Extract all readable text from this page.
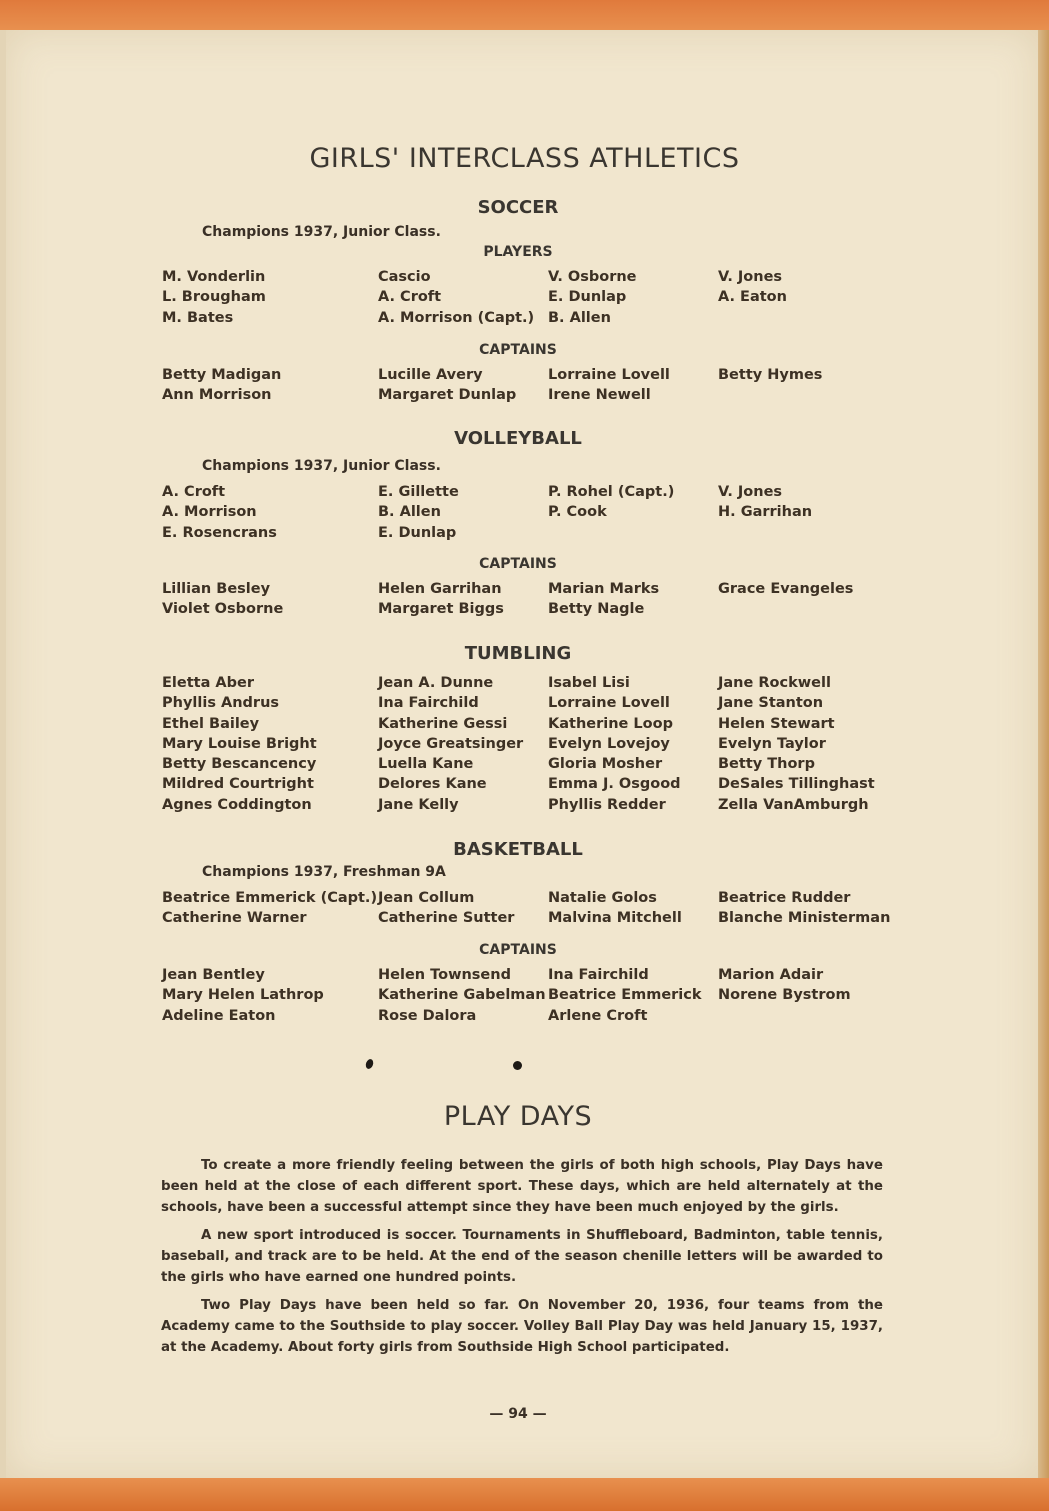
GIRLS' INTERCLASS ATHLETICS
SOCCER
Champions 1937, Junior Class.
PLAYERS
M. Vonderlin
L. Brougham
M. Bates
Cascio
A. Croft
A. Morrison (Capt.)
V. Osborne
E. Dunlap
B. Allen
V. Jones
A. Eaton
CAPTAINS
Betty Madigan
Ann Morrison
Lucille Avery
Margaret Dunlap
Lorraine Lovell
Irene Newell
Betty Hymes
VOLLEYBALL
Champions 1937, Junior Class.
A. Croft
A. Morrison
E. Rosencrans
E. Gillette
B. Allen
E. Dunlap
P. Rohel (Capt.)
P. Cook
V. Jones
H. Garrihan
CAPTAINS
Lillian Besley
Violet Osborne
Helen Garrihan
Margaret Biggs
Marian Marks
Betty Nagle
Grace Evangeles
TUMBLING
Eletta Aber
Phyllis Andrus
Ethel Bailey
Mary Louise Bright
Betty Bescancency
Mildred Courtright
Agnes Coddington
Jean A. Dunne
Ina Fairchild
Katherine Gessi
Joyce Greatsinger
Luella Kane
Delores Kane
Jane Kelly
Isabel Lisi
Lorraine Lovell
Katherine Loop
Evelyn Lovejoy
Gloria Mosher
Emma J. Osgood
Phyllis Redder
Jane Rockwell
Jane Stanton
Helen Stewart
Evelyn Taylor
Betty Thorp
DeSales Tillinghast
Zella VanAmburgh
BASKETBALL
Champions 1937, Freshman 9A
Beatrice Emmerick (Capt.)
Catherine Warner
Jean Collum
Catherine Sutter
Natalie Golos
Malvina Mitchell
Beatrice Rudder
Blanche Ministerman
CAPTAINS
Jean Bentley
Mary Helen Lathrop
Adeline Eaton
Helen Townsend
Katherine Gabelman
Rose Dalora
Ina Fairchild
Beatrice Emmerick
Arlene Croft
Marion Adair
Norene Bystrom
PLAY DAYS

To create a more friendly feeling between the girls of both high schools, Play Days have been held at the close of each different sport. These days, which are held alternately at the schools, have been a successful attempt since they have been much enjoyed by the girls.

A new sport introduced is soccer. Tournaments in Shuffleboard, Badminton, table tennis, baseball, and track are to be held. At the end of the season chenille letters will be awarded to the girls who have earned one hundred points.

Two Play Days have been held so far. On November 20, 1936, four teams from the Academy came to the Southside to play soccer. Volley Ball Play Day was held January 15, 1937, at the Academy. About forty girls from Southside High School participated.

— 94 —
